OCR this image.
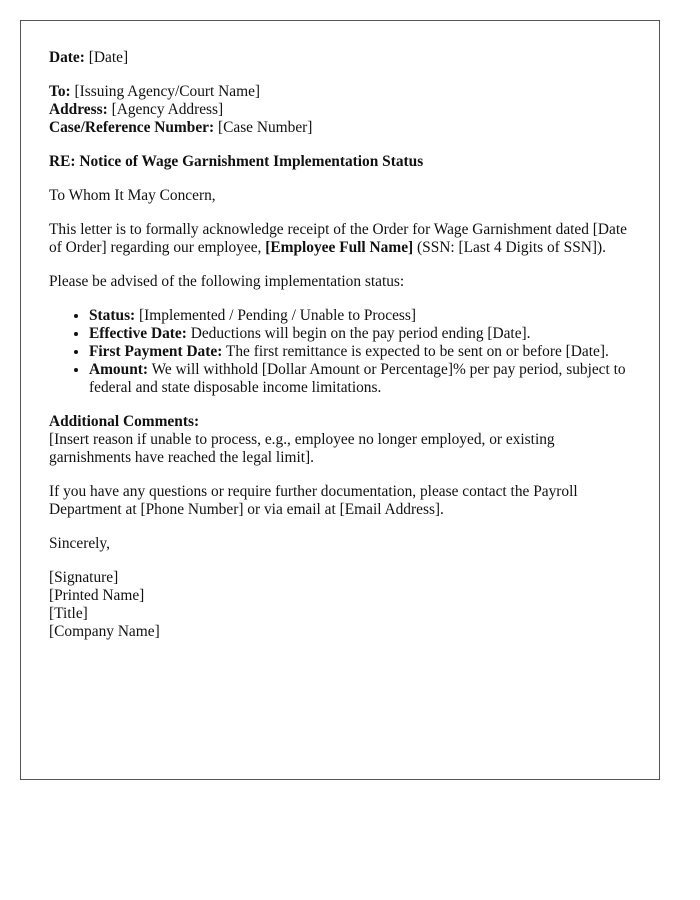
Date: [Date]

To: [Issuing Agency/Court Name]
Address: [Agency Address]
Case/Reference Number: [Case Number]

RE: Notice of Wage Garnishment Implementation Status

To Whom It May Concern,

This letter is to formally acknowledge receipt of the Order for Wage Garnishment dated [Date of Order] regarding our employee, [Employee Full Name] (SSN: [Last 4 Digits of SSN]).

Please be advised of the following implementation status:

• Status: [Implemented / Pending / Unable to Process]
• Effective Date: Deductions will begin on the pay period ending [Date].
• First Payment Date: The first remittance is expected to be sent on or before [Date].
• Amount: We will withhold [Dollar Amount or Percentage]% per pay period, subject to federal and state disposable income limitations.

Additional Comments:
[Insert reason if unable to process, e.g., employee no longer employed, or existing garnishments have reached the legal limit].

If you have any questions or require further documentation, please contact the Payroll Department at [Phone Number] or via email at [Email Address].

Sincerely,

[Signature]
[Printed Name]
[Title]
[Company Name]
